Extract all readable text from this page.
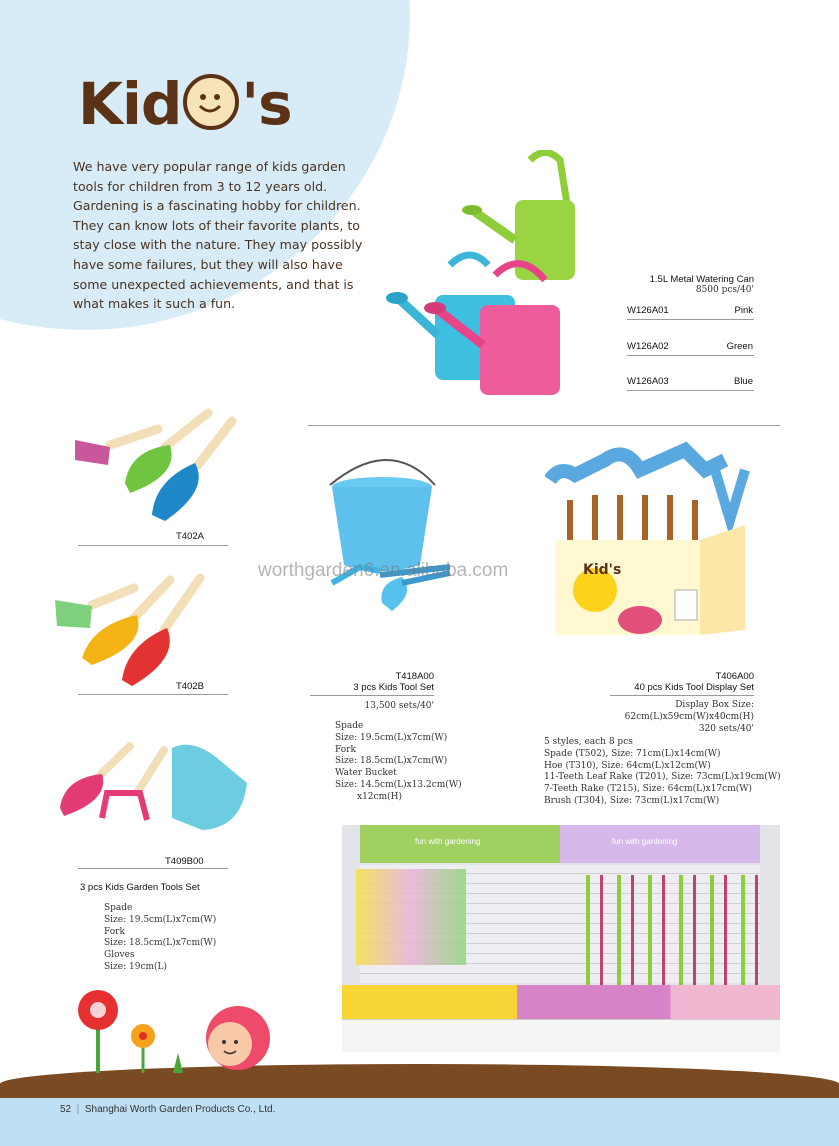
Kid 's
We have very popular range of kids garden tools for children from 3 to 12 years old. Gardening is a fascinating hobby for children. They can know lots of their favorite plants, to stay close with the nature. They may possibly have some failures, but they will also have some unexpected achievements, and that is what makes it such a fun.
1.5L Metal Watering Can
8500 pcs/40'
W126A01	Pink
W126A02	Green
W126A03	Blue
T402A
T402B
T409B00
3 pcs Kids Garden Tools Set
Spade
Size: 19.5cm(L)x7cm(W)
Fork
Size: 18.5cm(L)x7cm(W)
Gloves
Size: 19cm(L)
T418A00
3 pcs Kids Tool Set
13,500 sets/40'
Spade
Size: 19.5cm(L)x7cm(W)
Fork
Size: 18.5cm(L)x7cm(W)
Water Bucket
Size: 14.5cm(L)x13.2cm(W)
x12cm(H)
Kid's
T406A00
40 pcs Kids Tool Display Set
Display Box Size:
62cm(L)x59cm(W)x40cm(H)
320 sets/40'
5 styles, each 8 pcs
Spade (T502), Size: 71cm(L)x14cm(W)
Hoe (T310), Size: 64cm(L)x12cm(W)
11-Teeth Leaf Rake (T201), Size: 73cm(L)x19cm(W)
7-Teeth Rake (T215), Size: 64cm(L)x17cm(W)
Brush (T304), Size: 73cm(L)x17cm(W)
fun with gardening	fun with gardening
worthgarden6.en.alibaba.com
52  |  Shanghai Worth Garden Products Co., Ltd.
